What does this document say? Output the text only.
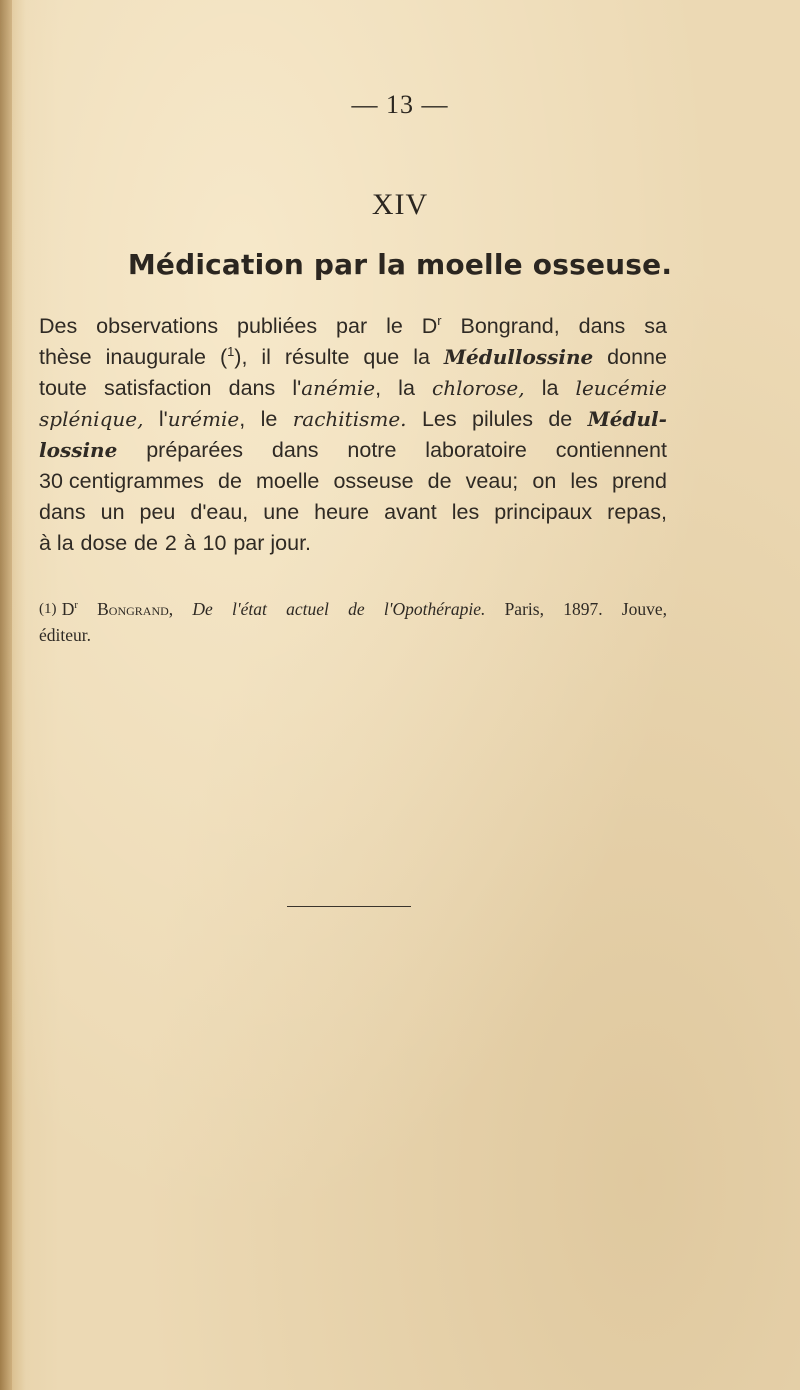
— 13 —
XIV
Médication par la moelle osseuse.
Des observations publiées par le $D^r$ Bongrand, dans sa
thèse inaugurale ($^1$), il résulte que la Médullossine donne
toute satisfaction dans l'anémie, la chlorose, la leucémie
splénique, l'urémie, le rachitisme. Les pilules de Médul-
lossine préparées dans notre laboratoire contiennent
30 centigrammes de moelle osseuse de veau; on les prend
dans un peu d'eau, une heure avant les principaux repas,
à la dose de 2 à 10 par jour.
(1) $D^r$ Bongrand, De l'état actuel de l'Opothérapie. Paris, 1897. Jouve,
éditeur.
